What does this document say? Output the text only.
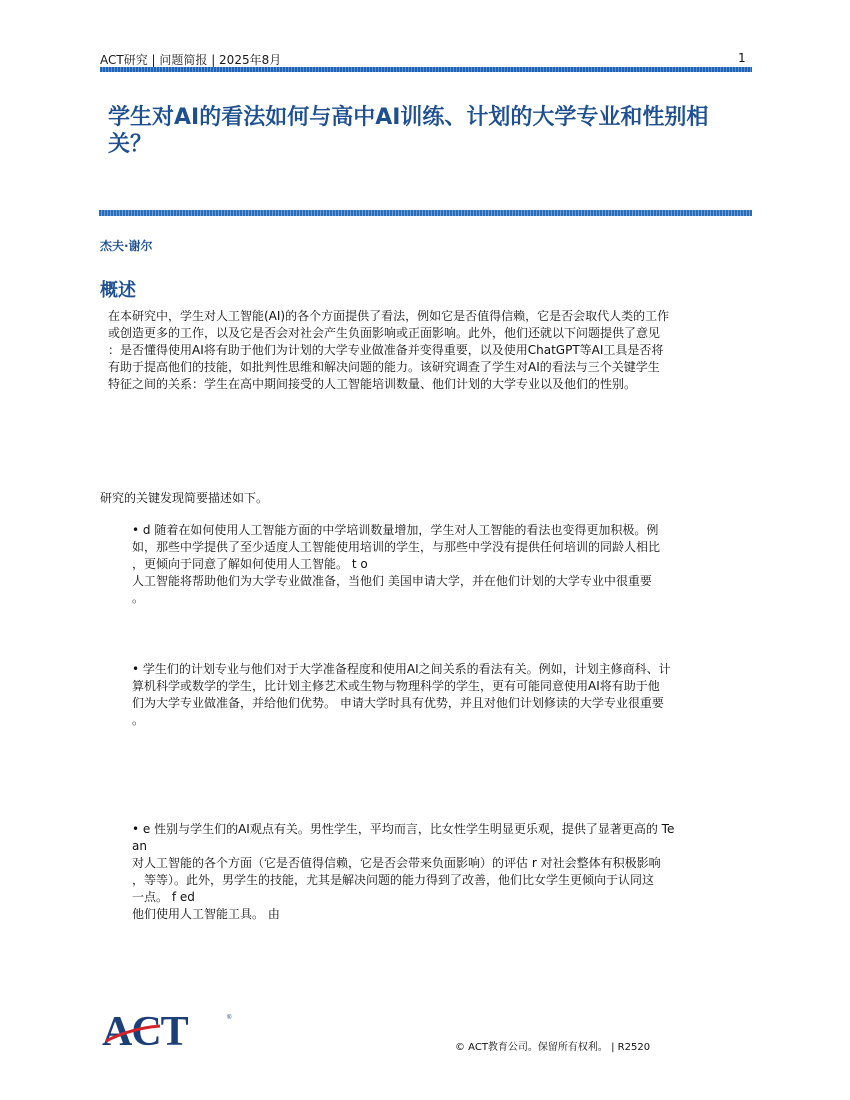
ACT研究 | 问题简报 | 2025年8月	1
学生对AI的看法如何与高中AI训练、计划的大学专业和性别相关？
杰夫·谢尔
概述

在本研究中，学生对人工智能(AI)的各个方面提供了看法，例如它是否值得信赖，它是否会取代人类的工作

或创造更多的工作，以及它是否会对社会产生负面影响或正面影响。此外，他们还就以下问题提供了意见

：是否懂得使用AI将有助于他们为计划的大学专业做准备并变得重要，以及使用ChatGPT等AI工具是否将

有助于提高他们的技能，如批判性思维和解决问题的能力。该研究调查了学生对AI的看法与三个关键学生

特征之间的关系：学生在高中期间接受的人工智能培训数量、他们计划的大学专业以及他们的性别。

研究的关键发现简要描述如下。

• d 随着在如何使用人工智能方面的中学培训数量增加，学生对人工智能的看法也变得更加积极。例

如，那些中学提供了至少适度人工智能使用培训的学生，与那些中学没有提供任何培训的同龄人相比

，更倾向于同意了解如何使用人工智能。 t o

人工智能将帮助他们为大学专业做准备，当他们 美国申请大学，并在他们计划的大学专业中很重要

。

• 学生们的计划专业与他们对于大学准备程度和使用AI之间关系的看法有关。例如，计划主修商科、计

算机科学或数学的学生，比计划主修艺术或生物与物理科学的学生，更有可能同意使用AI将有助于他

们为大学专业做准备，并给他们优势。 申请大学时具有优势，并且对他们计划修读的大学专业很重要

。

• e 性别与学生们的AI观点有关。男性学生，平均而言，比女性学生明显更乐观，提供了显著更高的 Te

an

对人工智能的各个方面（它是否值得信赖，它是否会带来负面影响）的评估 r 对社会整体有积极影响

，等等）。此外，男学生的技能，尤其是解决问题的能力得到了改善，他们比女学生更倾向于认同这

一点。 f ed

他们使用人工智能工具。 由

ACT	®
© ACT教育公司。保留所有权利。 | R2520
